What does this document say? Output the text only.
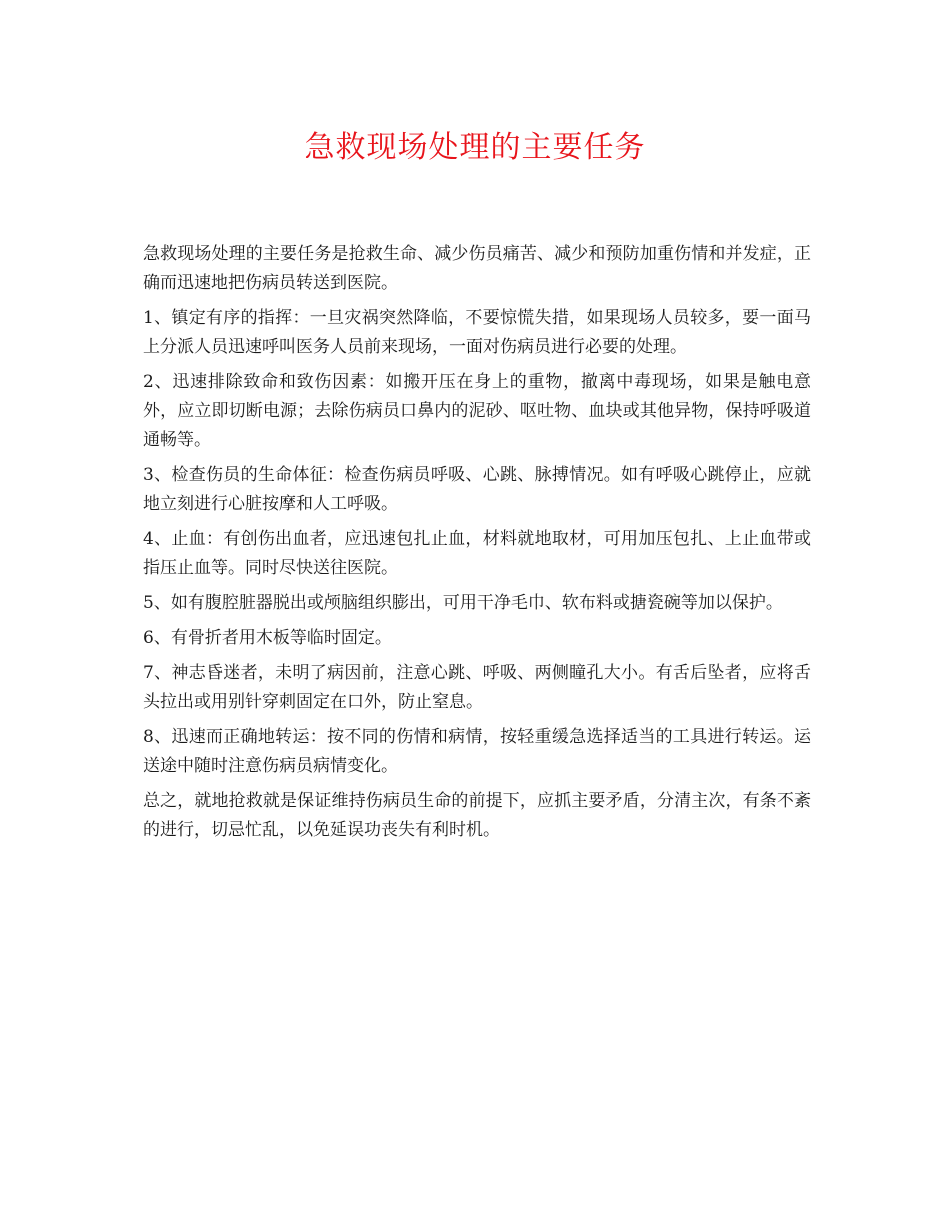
急救现场处理的主要任务

急救现场处理的主要任务是抢救生命、减少伤员痛苦、减少和预防加重伤情和并发症，正确而迅速地把伤病员转送到医院。

1、镇定有序的指挥：一旦灾祸突然降临，不要惊慌失措，如果现场人员较多，要一面马上分派人员迅速呼叫医务人员前来现场，一面对伤病员进行必要的处理。

2、迅速排除致命和致伤因素：如搬开压在身上的重物，撤离中毒现场，如果是触电意外，应立即切断电源；去除伤病员口鼻内的泥砂、呕吐物、血块或其他异物，保持呼吸道通畅等。

3、检查伤员的生命体征：检查伤病员呼吸、心跳、脉搏情况。如有呼吸心跳停止，应就地立刻进行心脏按摩和人工呼吸。

4、止血：有创伤出血者，应迅速包扎止血，材料就地取材，可用加压包扎、上止血带或指压止血等。同时尽快送往医院。

5、如有腹腔脏器脱出或颅脑组织膨出，可用干净毛巾、软布料或搪瓷碗等加以保护。

6、有骨折者用木板等临时固定。

7、神志昏迷者，未明了病因前，注意心跳、呼吸、两侧瞳孔大小。有舌后坠者，应将舌头拉出或用别针穿刺固定在口外，防止窒息。

8、迅速而正确地转运：按不同的伤情和病情，按轻重缓急选择适当的工具进行转运。运送途中随时注意伤病员病情变化。

总之，就地抢救就是保证维持伤病员生命的前提下，应抓主要矛盾，分清主次，有条不紊的进行，切忌忙乱，以免延误功丧失有利时机。
